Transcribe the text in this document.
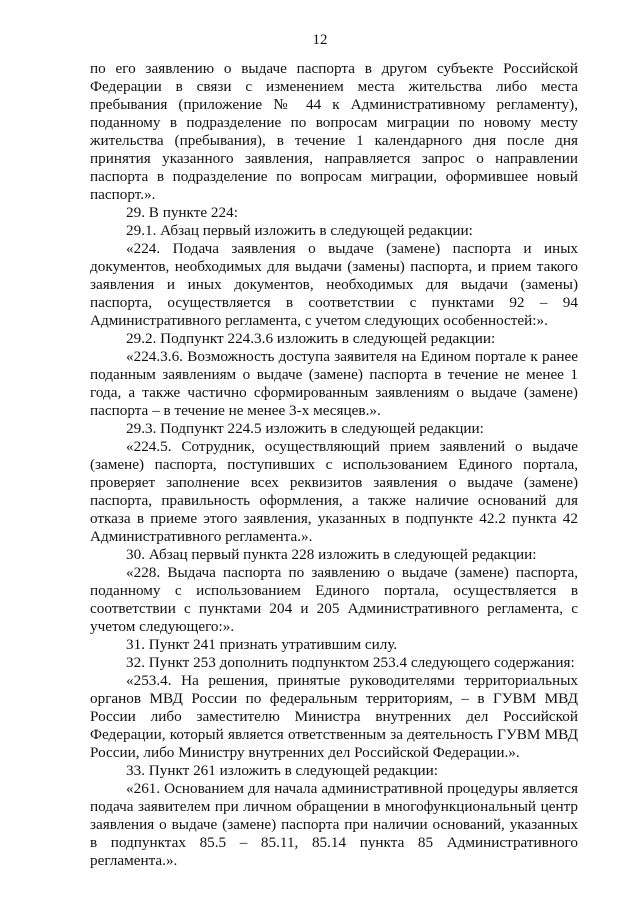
12

по его заявлению о выдаче паспорта в другом субъекте Российской Федерации в связи с изменением места жительства либо места пребывания (приложение № 44 к Административному регламенту), поданному в подразделение по вопросам миграции по новому месту жительства (пребывания), в течение 1 календарного дня после дня принятия указанного заявления, направляется запрос о направлении паспорта в подразделение по вопросам миграции, оформившее новый паспорт.».

29. В пункте 224:

29.1. Абзац первый изложить в следующей редакции:

«224. Подача заявления о выдаче (замене) паспорта и иных документов, необходимых для выдачи (замены) паспорта, и прием такого заявления и иных документов, необходимых для выдачи (замены) паспорта, осуществляется в соответствии с пунктами 92 – 94 Административного регламента, с учетом следующих особенностей:».

29.2. Подпункт 224.3.6 изложить в следующей редакции:

«224.3.6. Возможность доступа заявителя на Едином портале к ранее поданным заявлениям о выдаче (замене) паспорта в течение не менее 1 года, а также частично сформированным заявлениям о выдаче (замене) паспорта – в течение не менее 3-х месяцев.».

29.3. Подпункт 224.5 изложить в следующей редакции:

«224.5. Сотрудник, осуществляющий прием заявлений о выдаче (замене) паспорта, поступивших с использованием Единого портала, проверяет заполнение всех реквизитов заявления о выдаче (замене) паспорта, правильность оформления, а также наличие оснований для отказа в приеме этого заявления, указанных в подпункте 42.2 пункта 42 Административного регламента.».

30. Абзац первый пункта 228 изложить в следующей редакции:

«228. Выдача паспорта по заявлению о выдаче (замене) паспорта, поданному с использованием Единого портала, осуществляется в соответствии с пунктами 204 и 205 Административного регламента, с учетом следующего:».

31. Пункт 241 признать утратившим силу.

32. Пункт 253 дополнить подпунктом 253.4 следующего содержания:

«253.4. На решения, принятые руководителями территориальных органов МВД России по федеральным территориям, – в ГУВМ МВД России либо заместителю Министра внутренних дел Российской Федерации, который является ответственным за деятельность ГУВМ МВД России, либо Министру внутренних дел Российской Федерации.».

33. Пункт 261 изложить в следующей редакции:

«261. Основанием для начала административной процедуры является подача заявителем при личном обращении в многофункциональный центр заявления о выдаче (замене) паспорта при наличии оснований, указанных в подпунктах 85.5 – 85.11, 85.14 пункта 85 Административного регламента.».
